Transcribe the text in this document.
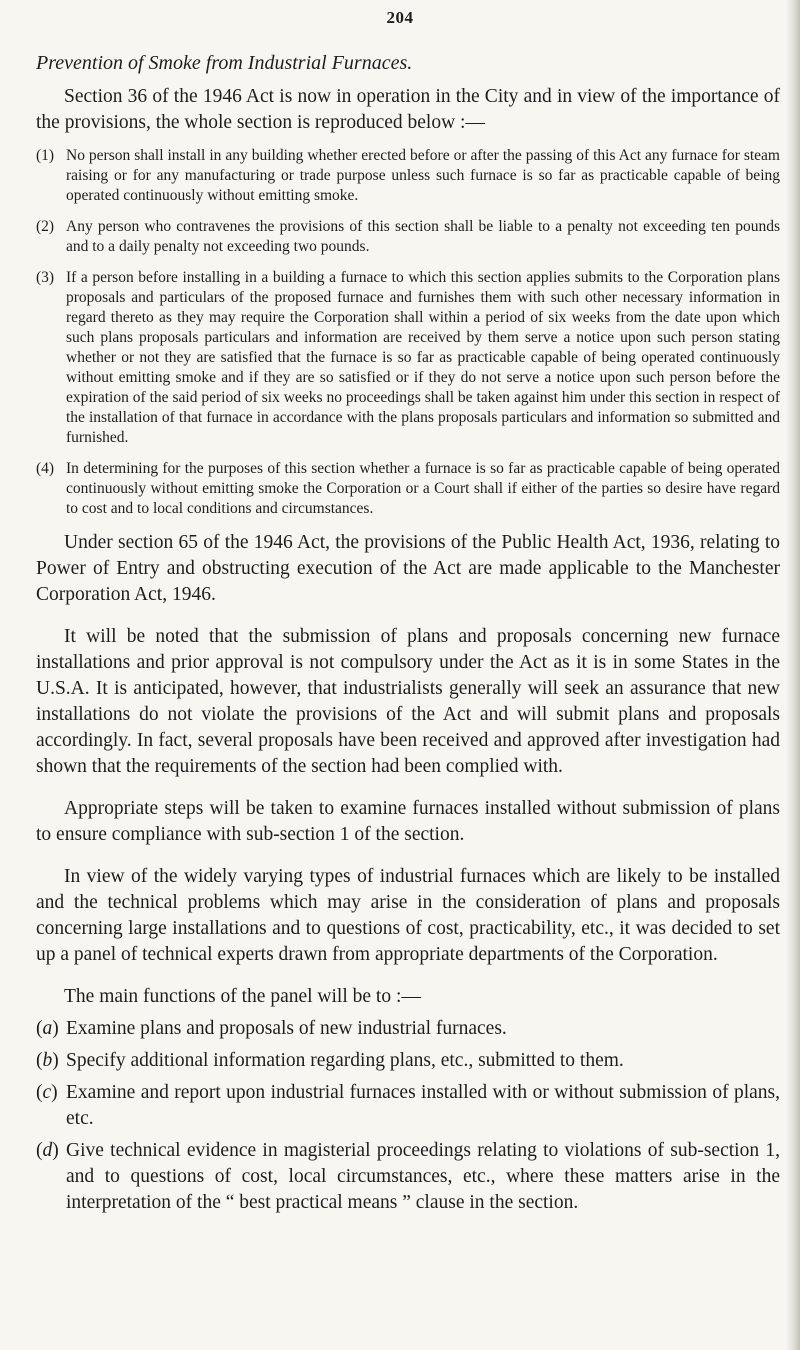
204
Prevention of Smoke from Industrial Furnaces.

Section 36 of the 1946 Act is now in operation in the City and in view of the importance of the provisions, the whole section is reproduced below :—

(1) No person shall install in any building whether erected before or after the passing of this Act any furnace for steam raising or for any manufacturing or trade purpose unless such furnace is so far as practicable capable of being operated continuously without emitting smoke.
(2) Any person who contravenes the provisions of this section shall be liable to a penalty not exceeding ten pounds and to a daily penalty not exceeding two pounds.
(3) If a person before installing in a building a furnace to which this section applies submits to the Corporation plans proposals and particulars of the proposed furnace and furnishes them with such other necessary information in regard thereto as they may require the Corporation shall within a period of six weeks from the date upon which such plans proposals particulars and information are received by them serve a notice upon such person stating whether or not they are satisfied that the furnace is so far as practicable capable of being operated continuously without emitting smoke and if they are so satisfied or if they do not serve a notice upon such person before the expiration of the said period of six weeks no proceedings shall be taken against him under this section in respect of the installation of that furnace in accordance with the plans proposals particulars and information so submitted and furnished.
(4) In determining for the purposes of this section whether a furnace is so far as practicable capable of being operated continuously without emitting smoke the Corporation or a Court shall if either of the parties so desire have regard to cost and to local conditions and circumstances.

Under section 65 of the 1946 Act, the provisions of the Public Health Act, 1936, relating to Power of Entry and obstructing execution of the Act are made applicable to the Manchester Corporation Act, 1946.

It will be noted that the submission of plans and proposals concerning new furnace installations and prior approval is not compulsory under the Act as it is in some States in the U.S.A. It is anticipated, however, that industrialists generally will seek an assurance that new installations do not violate the provisions of the Act and will submit plans and proposals accordingly. In fact, several proposals have been received and approved after investigation had shown that the requirements of the section had been complied with.

Appropriate steps will be taken to examine furnaces installed without submission of plans to ensure compliance with sub-section 1 of the section.

In view of the widely varying types of industrial furnaces which are likely to be installed and the technical problems which may arise in the consideration of plans and proposals concerning large installations and to questions of cost, practicability, etc., it was decided to set up a panel of technical experts drawn from appropriate departments of the Corporation.

The main functions of the panel will be to :—

(a) Examine plans and proposals of new industrial furnaces.
(b) Specify additional information regarding plans, etc., submitted to them.
(c) Examine and report upon industrial furnaces installed with or without submission of plans, etc.
(d) Give technical evidence in magisterial proceedings relating to violations of sub-section 1, and to questions of cost, local circumstances, etc., where these matters arise in the interpretation of the “ best practical means ” clause in the section.
